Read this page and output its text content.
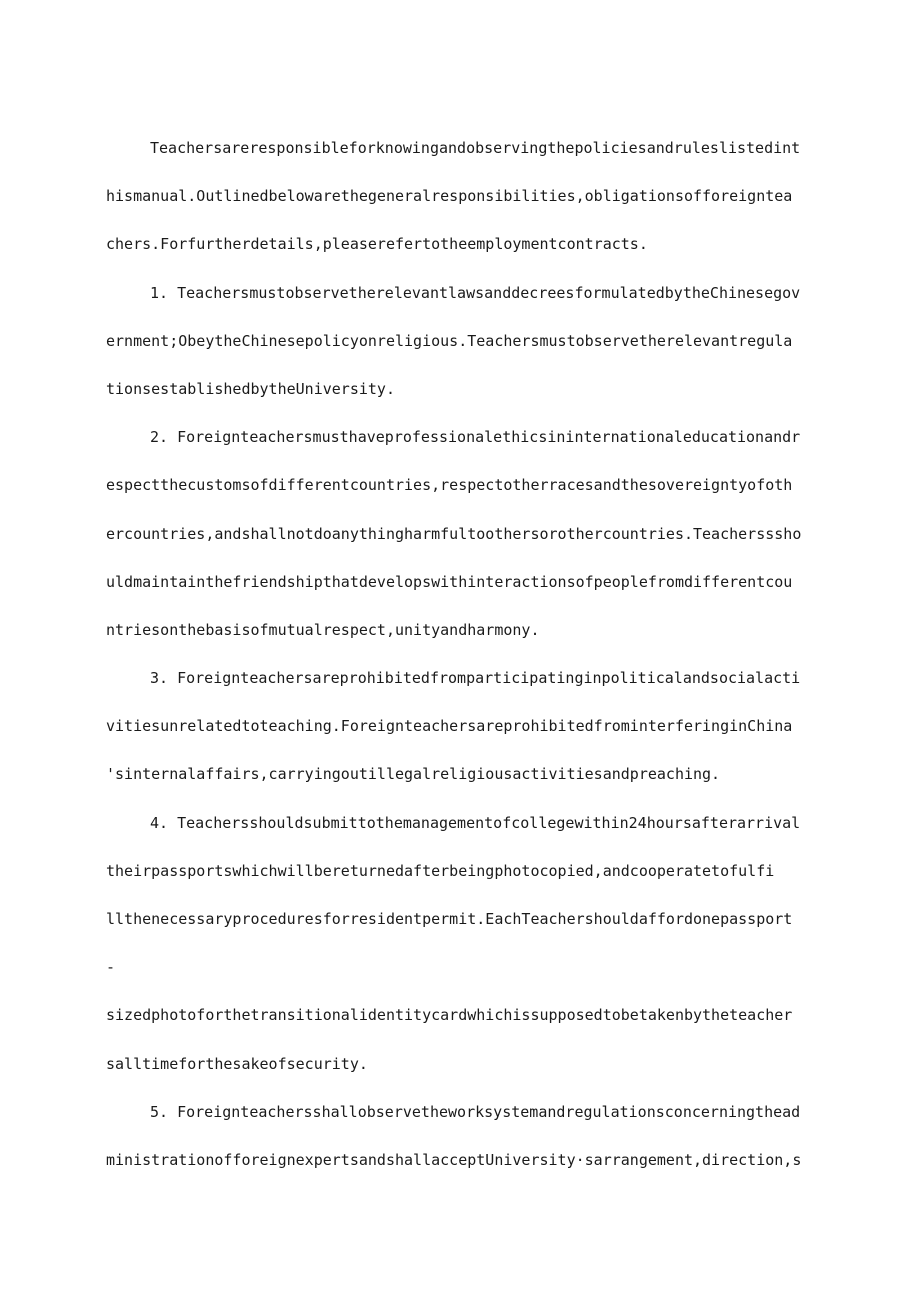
Teachersareresponsibleforknowingandobservingthepoliciesandruleslistedint
hismanual.Outlinedbeloware​thegeneralresponsibilities,obligationsofforeigntea
chers.Forfurtherdetails,pleaserefertotheemploymentcontracts.
1. TeachersmustobservetherelevantlawsanddecreesformulatedbytheChinesegov
ernment;ObeytheChinesepolicyonreligious.Teachersmustobservetherelevantregula
tionsestablishedbytheUniversity.
2. Foreignteachersmusthaveprofessionalethicsininternationaleducationandr
espectthecustomsofdifferentcountries,respectotherracesandthesovereigntyofoth
ercountries,andshallnotdoanythingharmfultoothersorothercountries.Teachersssho
uldmaintainthefriendshipthatdevelopswithinteractionsofpeoplefromdifferentcou
ntriesonthebasisofmutualrespect,unityandharmony.
3. Foreignteachersareprohibitedfromparticipatinginpoliticalandsocialacti
vitiesunrelatedtoteaching.ForeignteachersareprohibitedfrominterferinginChina
'sinternalaffairs,carryingoutillegalreligiousactivitiesandpreaching.
4. Teachersshouldsubmittothemanagementofcollegewithin24hoursafterarrival
theirpassportswhichwillbereturnedafterbeingphotocopied,andcooperatetofulfi
llthenecessaryproceduresforresidentpermit.EachTeachershouldaffordonepassport
-
sizedphotoforthetransitionalidentitycardwhichissupposedtobetakenbytheteacher
salltimeforthesakeofsecurity.
5. Foreignteachersshallobservetheworksystemandregulationsconcerningthead
ministrationofforeignexpertsandshallacceptUniversity·sarrangement,direction,s
